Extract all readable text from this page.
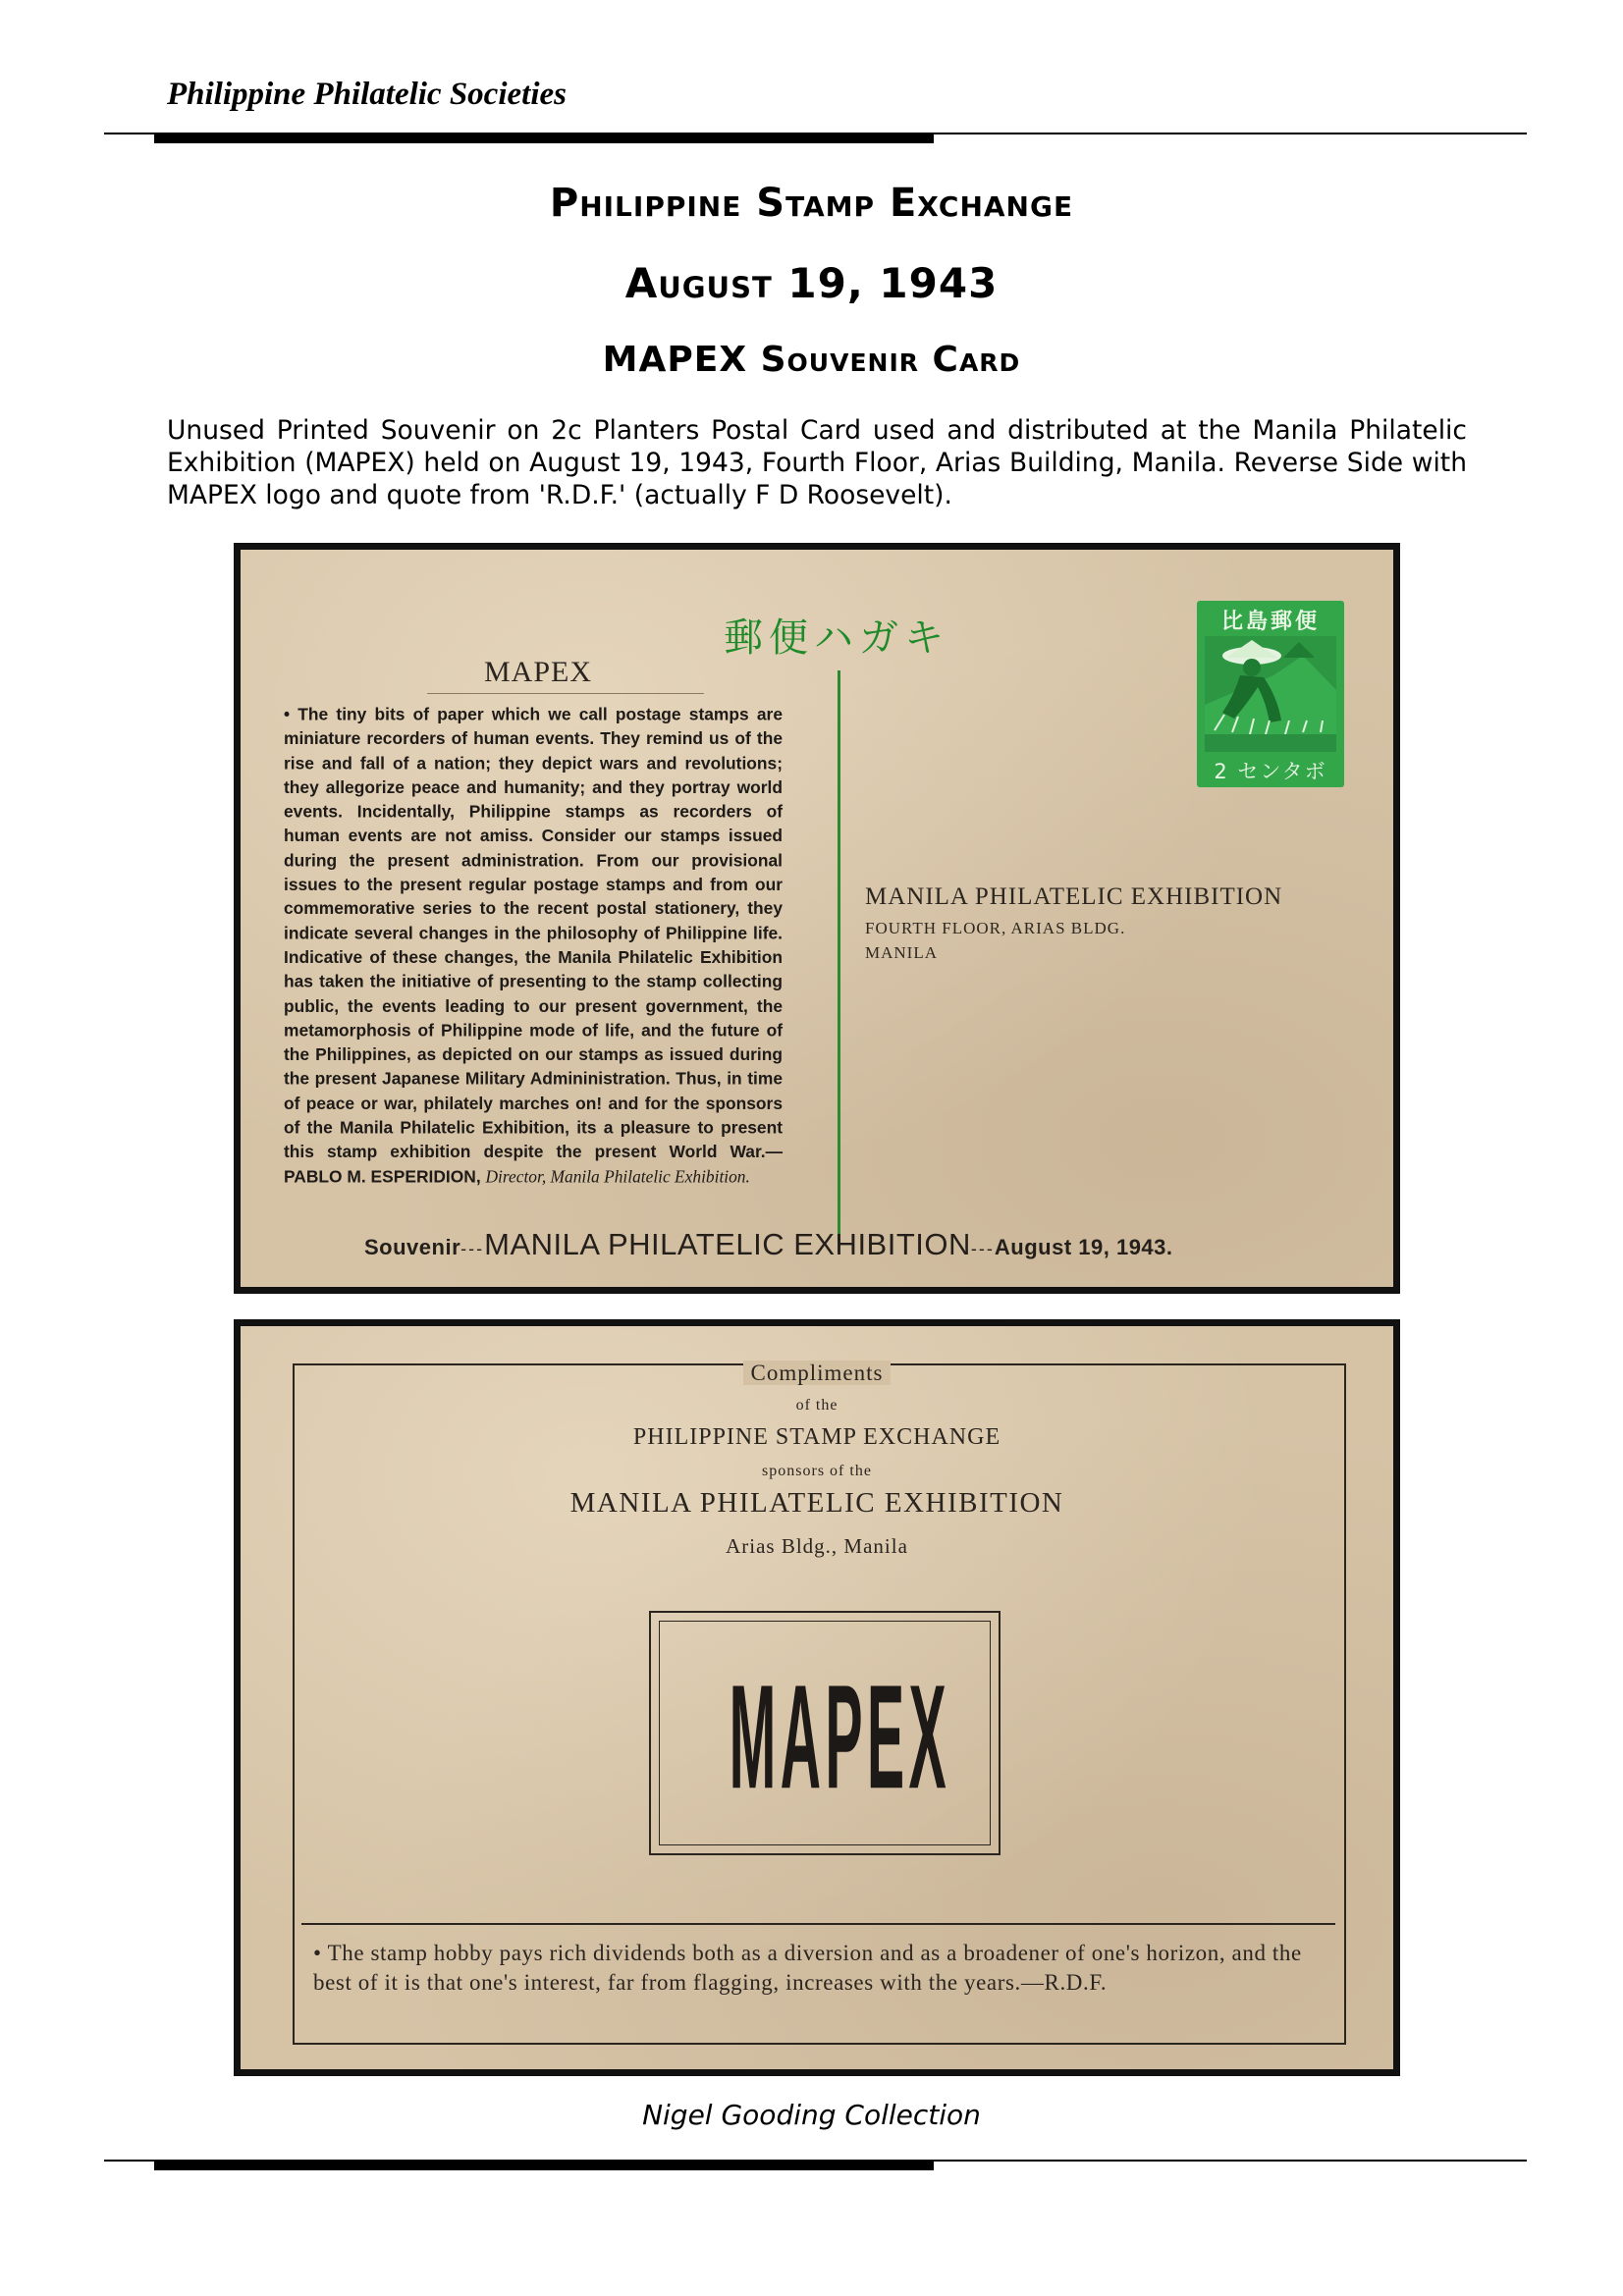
Philippine Philatelic Societies
Philippine Stamp Exchange
August 19, 1943
MAPEX Souvenir Card
Unused Printed Souvenir on 2c Planters Postal Card used and distributed at the Manila Philatelic Exhibition (MAPEX) held on August 19, 1943, Fourth Floor, Arias Building, Manila. Reverse Side with MAPEX logo and quote from 'R.D.F.' (actually F D Roosevelt).
郵便ハガキ
MAPEX
• The tiny bits of paper which we call postage stamps are miniature recorders of human events. They remind us of the rise and fall of a nation; they depict wars and revolutions; they allegorize peace and humanity; and they portray world events. Incidentally, Philippine stamps as recorders of human events are not amiss. Consider our stamps issued during the present administration. From our provisional issues to the present regular postage stamps and from our commemorative series to the recent postal stationery, they indicate several changes in the philosophy of Philippine life. Indicative of these changes, the Manila Philatelic Exhibition has taken the initiative of presenting to the stamp collecting public, the events leading to our present government, the metamorphosis of Philippine mode of life, and the future of the Philippines, as depicted on our stamps as issued during the present Japanese Military Admininistration. Thus, in time of peace or war, philately marches on! and for the sponsors of the Manila Philatelic Exhibition, its a pleasure to present this stamp exhibition despite the present World War.— PABLO M. ESPERIDION, Director, Manila Philatelic Exhibition.
比島郵便
2 センタボ
MANILA PHILATELIC EXHIBITION
FOURTH FLOOR, ARIAS BLDG.
MANILA
Souvenir---MANILA PHILATELIC EXHIBITION---August 19, 1943.
Compliments
of the
PHILIPPINE STAMP EXCHANGE
sponsors of the
MANILA PHILATELIC EXHIBITION
Arias Bldg., Manila
MAPEX
• The stamp hobby pays rich dividends both as a diversion and as a broadener of one's horizon, and the best of it is that one's interest, far from flagging, increases with the years.—R.D.F.
Nigel Gooding Collection
